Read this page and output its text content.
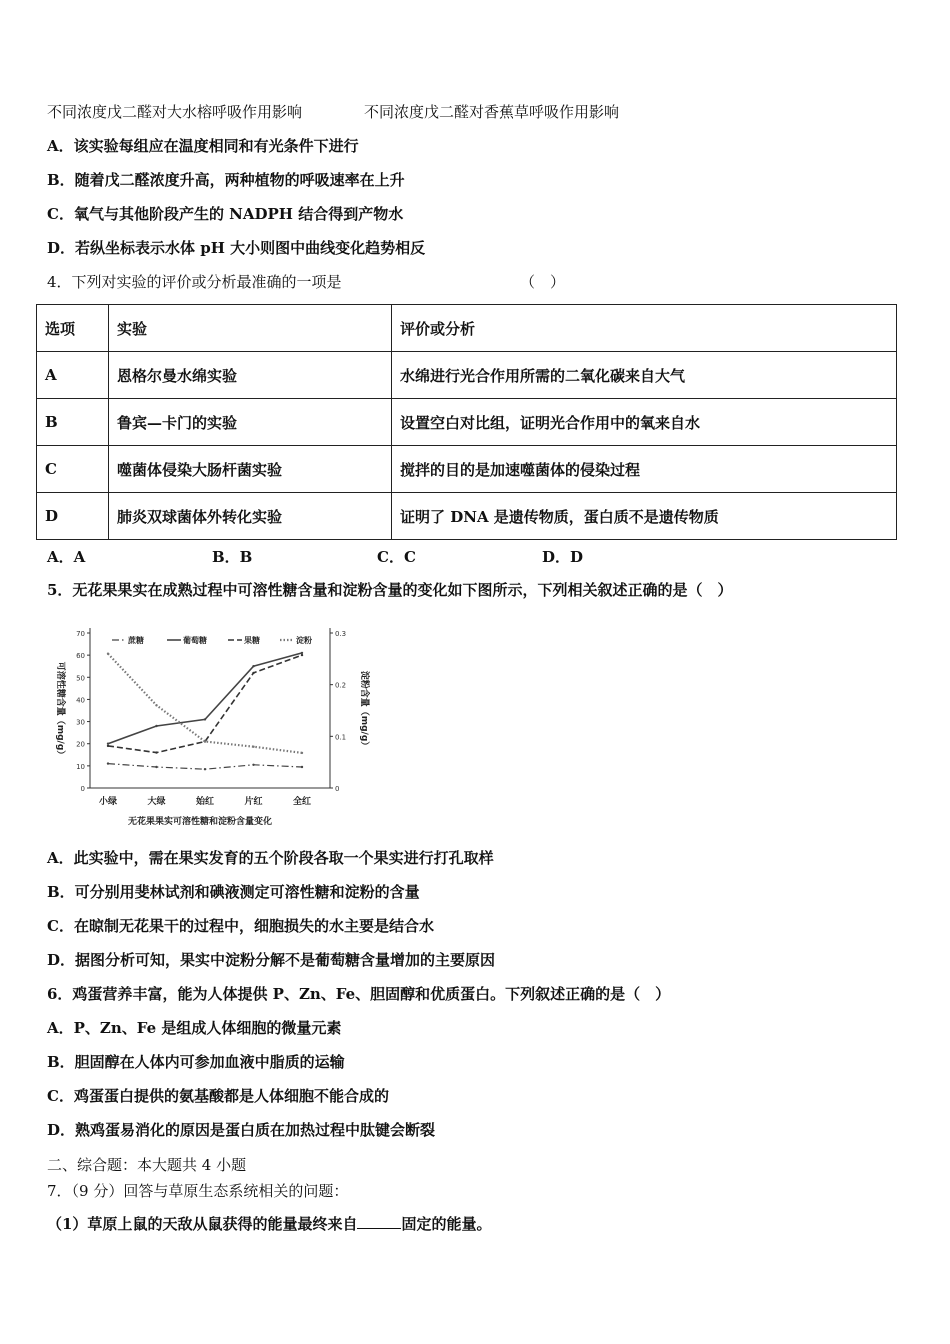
不同浓度戊二醛对大水榕呼吸作用影响	不同浓度戊二醛对香蕉草呼吸作用影响
A．该实验每组应在温度相同和有光条件下进行
B．随着戊二醛浓度升高，两种植物的呼吸速率在上升
C．氧气与其他阶段产生的 NADPH 结合得到产物水
D．若纵坐标表示水体 pH 大小则图中曲线变化趋势相反
4．下列对实验的评价或分析最准确的一项是	（　）
选项	实验	评价或分析
A	恩格尔曼水绵实验	水绵进行光合作用所需的二氧化碳来自大气
B	鲁宾—卡门的实验	设置空白对比组，证明光合作用中的氧来自水
C	噬菌体侵染大肠杆菌实验	搅拌的目的是加速噬菌体的侵染过程
D	肺炎双球菌体外转化实验	证明了 DNA 是遗传物质，蛋白质不是遗传物质
A．A	B．B	C．C	D．D
5．无花果果实在成熟过程中可溶性糖含量和淀粉含量的变化如下图所示，下列相关叙述正确的是（　）
0
10
20
30
40
50
60
70
0
0.1
0.2
0.3
小绿	大绿	始红	片红	全红
可溶性糖含量（mg/g）	淀粉含量（mg/g）
无花果果实可溶性糖和淀粉含量变化
蔗糖	葡萄糖	果糖	淀粉
A．此实验中，需在果实发育的五个阶段各取一个果实进行打孔取样
B．可分别用斐林试剂和碘液测定可溶性糖和淀粉的含量
C．在晾制无花果干的过程中，细胞损失的水主要是结合水
D．据图分析可知，果实中淀粉分解不是葡萄糖含量增加的主要原因
6．鸡蛋营养丰富，能为人体提供 P、Zn、Fe、胆固醇和优质蛋白。下列叙述正确的是（　）
A．P、Zn、Fe 是组成人体细胞的微量元素
B．胆固醇在人体内可参加血液中脂质的运输
C．鸡蛋蛋白提供的氨基酸都是人体细胞不能合成的
D．熟鸡蛋易消化的原因是蛋白质在加热过程中肽键会断裂
二、综合题：本大题共 4 小题
7．（9 分）回答与草原生态系统相关的问题：
（1）草原上鼠的天敌从鼠获得的能量最终来自	固定的能量。
